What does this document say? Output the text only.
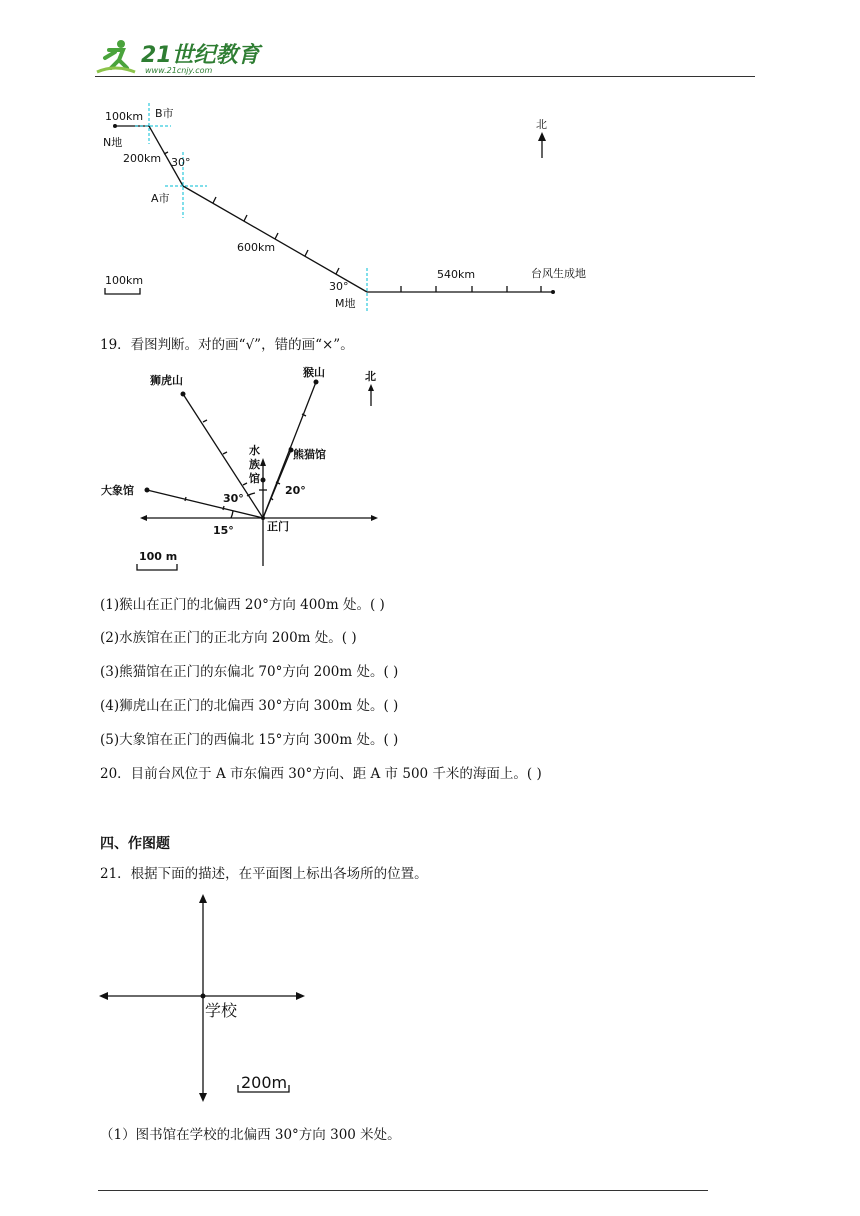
21世纪教育
www.21cnjy.com
100km B市
N地
200km 30°
A市
600km
30°
M地
540km	台风生成地
北
100km
19．看图判断。对的画“√”，错的画“×”。
狮虎山
猴山	北
水
族
馆
熊猫馆
大象馆
30°
20°
15°	正门
100 m
(1)猴山在正门的北偏西 20°方向 400m 处。( )
(2)水族馆在正门的正北方向 200m 处。( )
(3)熊猫馆在正门的东偏北 70°方向 200m 处。( )
(4)狮虎山在正门的北偏西 30°方向 300m 处。( )
(5)大象馆在正门的西偏北 15°方向 300m 处。( )
20．目前台风位于 A 市东偏西 30°方向、距 A 市 500 千米的海面上。( )
四、作图题
21．根据下面的描述，在平面图上标出各场所的位置。
学校
200m
（1）图书馆在学校的北偏西 30°方向 300 米处。
